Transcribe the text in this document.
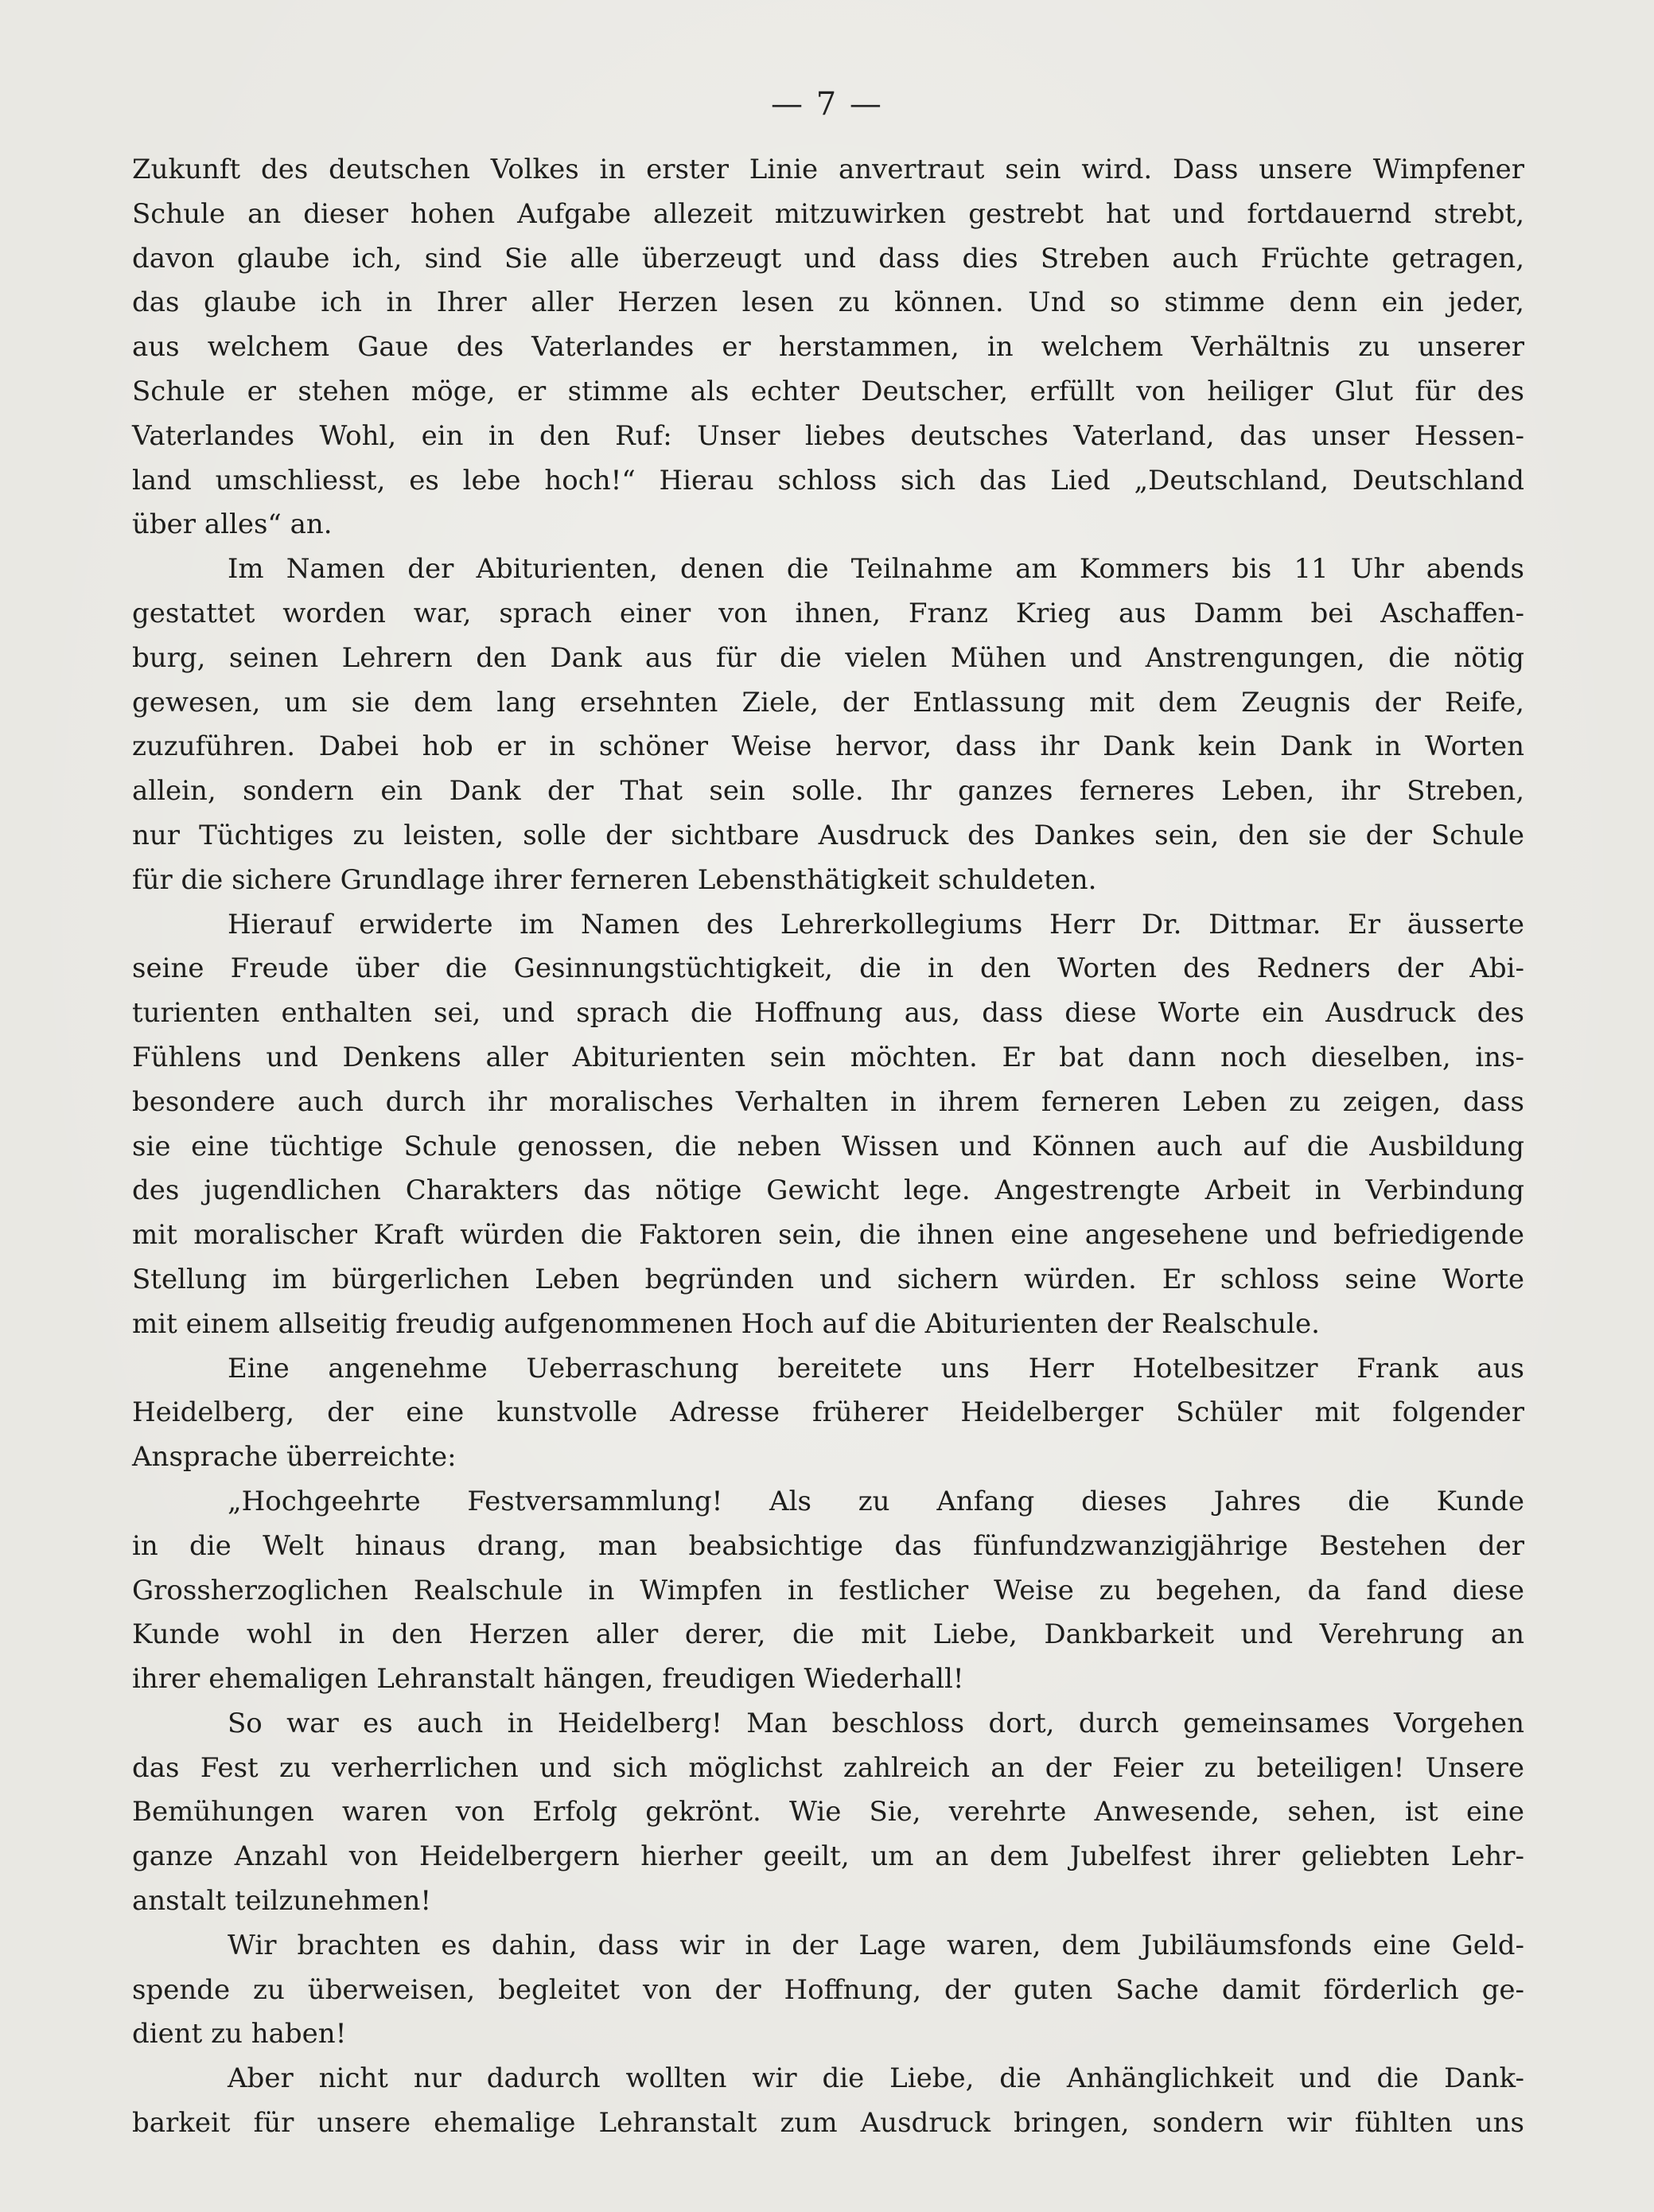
— 7 —
Zukunft des deutschen Volkes in erster Linie anvertraut sein wird. Dass unsere Wimpfener
Schule an dieser hohen Aufgabe allezeit mitzuwirken gestrebt hat und fortdauernd strebt,
davon glaube ich, sind Sie alle überzeugt und dass dies Streben auch Früchte getragen,
das glaube ich in Ihrer aller Herzen lesen zu können. Und so stimme denn ein jeder,
aus welchem Gaue des Vaterlandes er herstammen, in welchem Verhältnis zu unserer
Schule er stehen möge, er stimme als echter Deutscher, erfüllt von heiliger Glut für des
Vaterlandes Wohl, ein in den Ruf: Unser liebes deutsches Vaterland, das unser Hessen-
land umschliesst, es lebe hoch!“ Hierau schloss sich das Lied „Deutschland, Deutschland
über alles“ an.
Im Namen der Abiturienten, denen die Teilnahme am Kommers bis 11 Uhr abends
gestattet worden war, sprach einer von ihnen, Franz Krieg aus Damm bei Aschaffen-
burg, seinen Lehrern den Dank aus für die vielen Mühen und Anstrengungen, die nötig
gewesen, um sie dem lang ersehnten Ziele, der Entlassung mit dem Zeugnis der Reife,
zuzuführen. Dabei hob er in schöner Weise hervor, dass ihr Dank kein Dank in Worten
allein, sondern ein Dank der That sein solle. Ihr ganzes ferneres Leben, ihr Streben,
nur Tüchtiges zu leisten, solle der sichtbare Ausdruck des Dankes sein, den sie der Schule
für die sichere Grundlage ihrer ferneren Lebensthätigkeit schuldeten.
Hierauf erwiderte im Namen des Lehrerkollegiums Herr Dr. Dittmar. Er äusserte
seine Freude über die Gesinnungstüchtigkeit, die in den Worten des Redners der Abi-
turienten enthalten sei, und sprach die Hoffnung aus, dass diese Worte ein Ausdruck des
Fühlens und Denkens aller Abiturienten sein möchten. Er bat dann noch dieselben, ins-
besondere auch durch ihr moralisches Verhalten in ihrem ferneren Leben zu zeigen, dass
sie eine tüchtige Schule genossen, die neben Wissen und Können auch auf die Ausbildung
des jugendlichen Charakters das nötige Gewicht lege. Angestrengte Arbeit in Verbindung
mit moralischer Kraft würden die Faktoren sein, die ihnen eine angesehene und befriedigende
Stellung im bürgerlichen Leben begründen und sichern würden. Er schloss seine Worte
mit einem allseitig freudig aufgenommenen Hoch auf die Abiturienten der Realschule.
Eine angenehme Ueberraschung bereitete uns Herr Hotelbesitzer Frank aus
Heidelberg, der eine kunstvolle Adresse früherer Heidelberger Schüler mit folgender
Ansprache überreichte:
„Hochgeehrte Festversammlung! Als zu Anfang dieses Jahres die Kunde
in die Welt hinaus drang, man beabsichtige das fünfundzwanzigjährige Bestehen der
Grossherzoglichen Realschule in Wimpfen in festlicher Weise zu begehen, da fand diese
Kunde wohl in den Herzen aller derer, die mit Liebe, Dankbarkeit und Verehrung an
ihrer ehemaligen Lehranstalt hängen, freudigen Wiederhall!
So war es auch in Heidelberg! Man beschloss dort, durch gemeinsames Vorgehen
das Fest zu verherrlichen und sich möglichst zahlreich an der Feier zu beteiligen! Unsere
Bemühungen waren von Erfolg gekrönt. Wie Sie, verehrte Anwesende, sehen, ist eine
ganze Anzahl von Heidelbergern hierher geeilt, um an dem Jubelfest ihrer geliebten Lehr-
anstalt teilzunehmen!
Wir brachten es dahin, dass wir in der Lage waren, dem Jubiläumsfonds eine Geld-
spende zu überweisen, begleitet von der Hoffnung, der guten Sache damit förderlich ge-
dient zu haben!
Aber nicht nur dadurch wollten wir die Liebe, die Anhänglichkeit und die Dank-
barkeit für unsere ehemalige Lehranstalt zum Ausdruck bringen, sondern wir fühlten uns
